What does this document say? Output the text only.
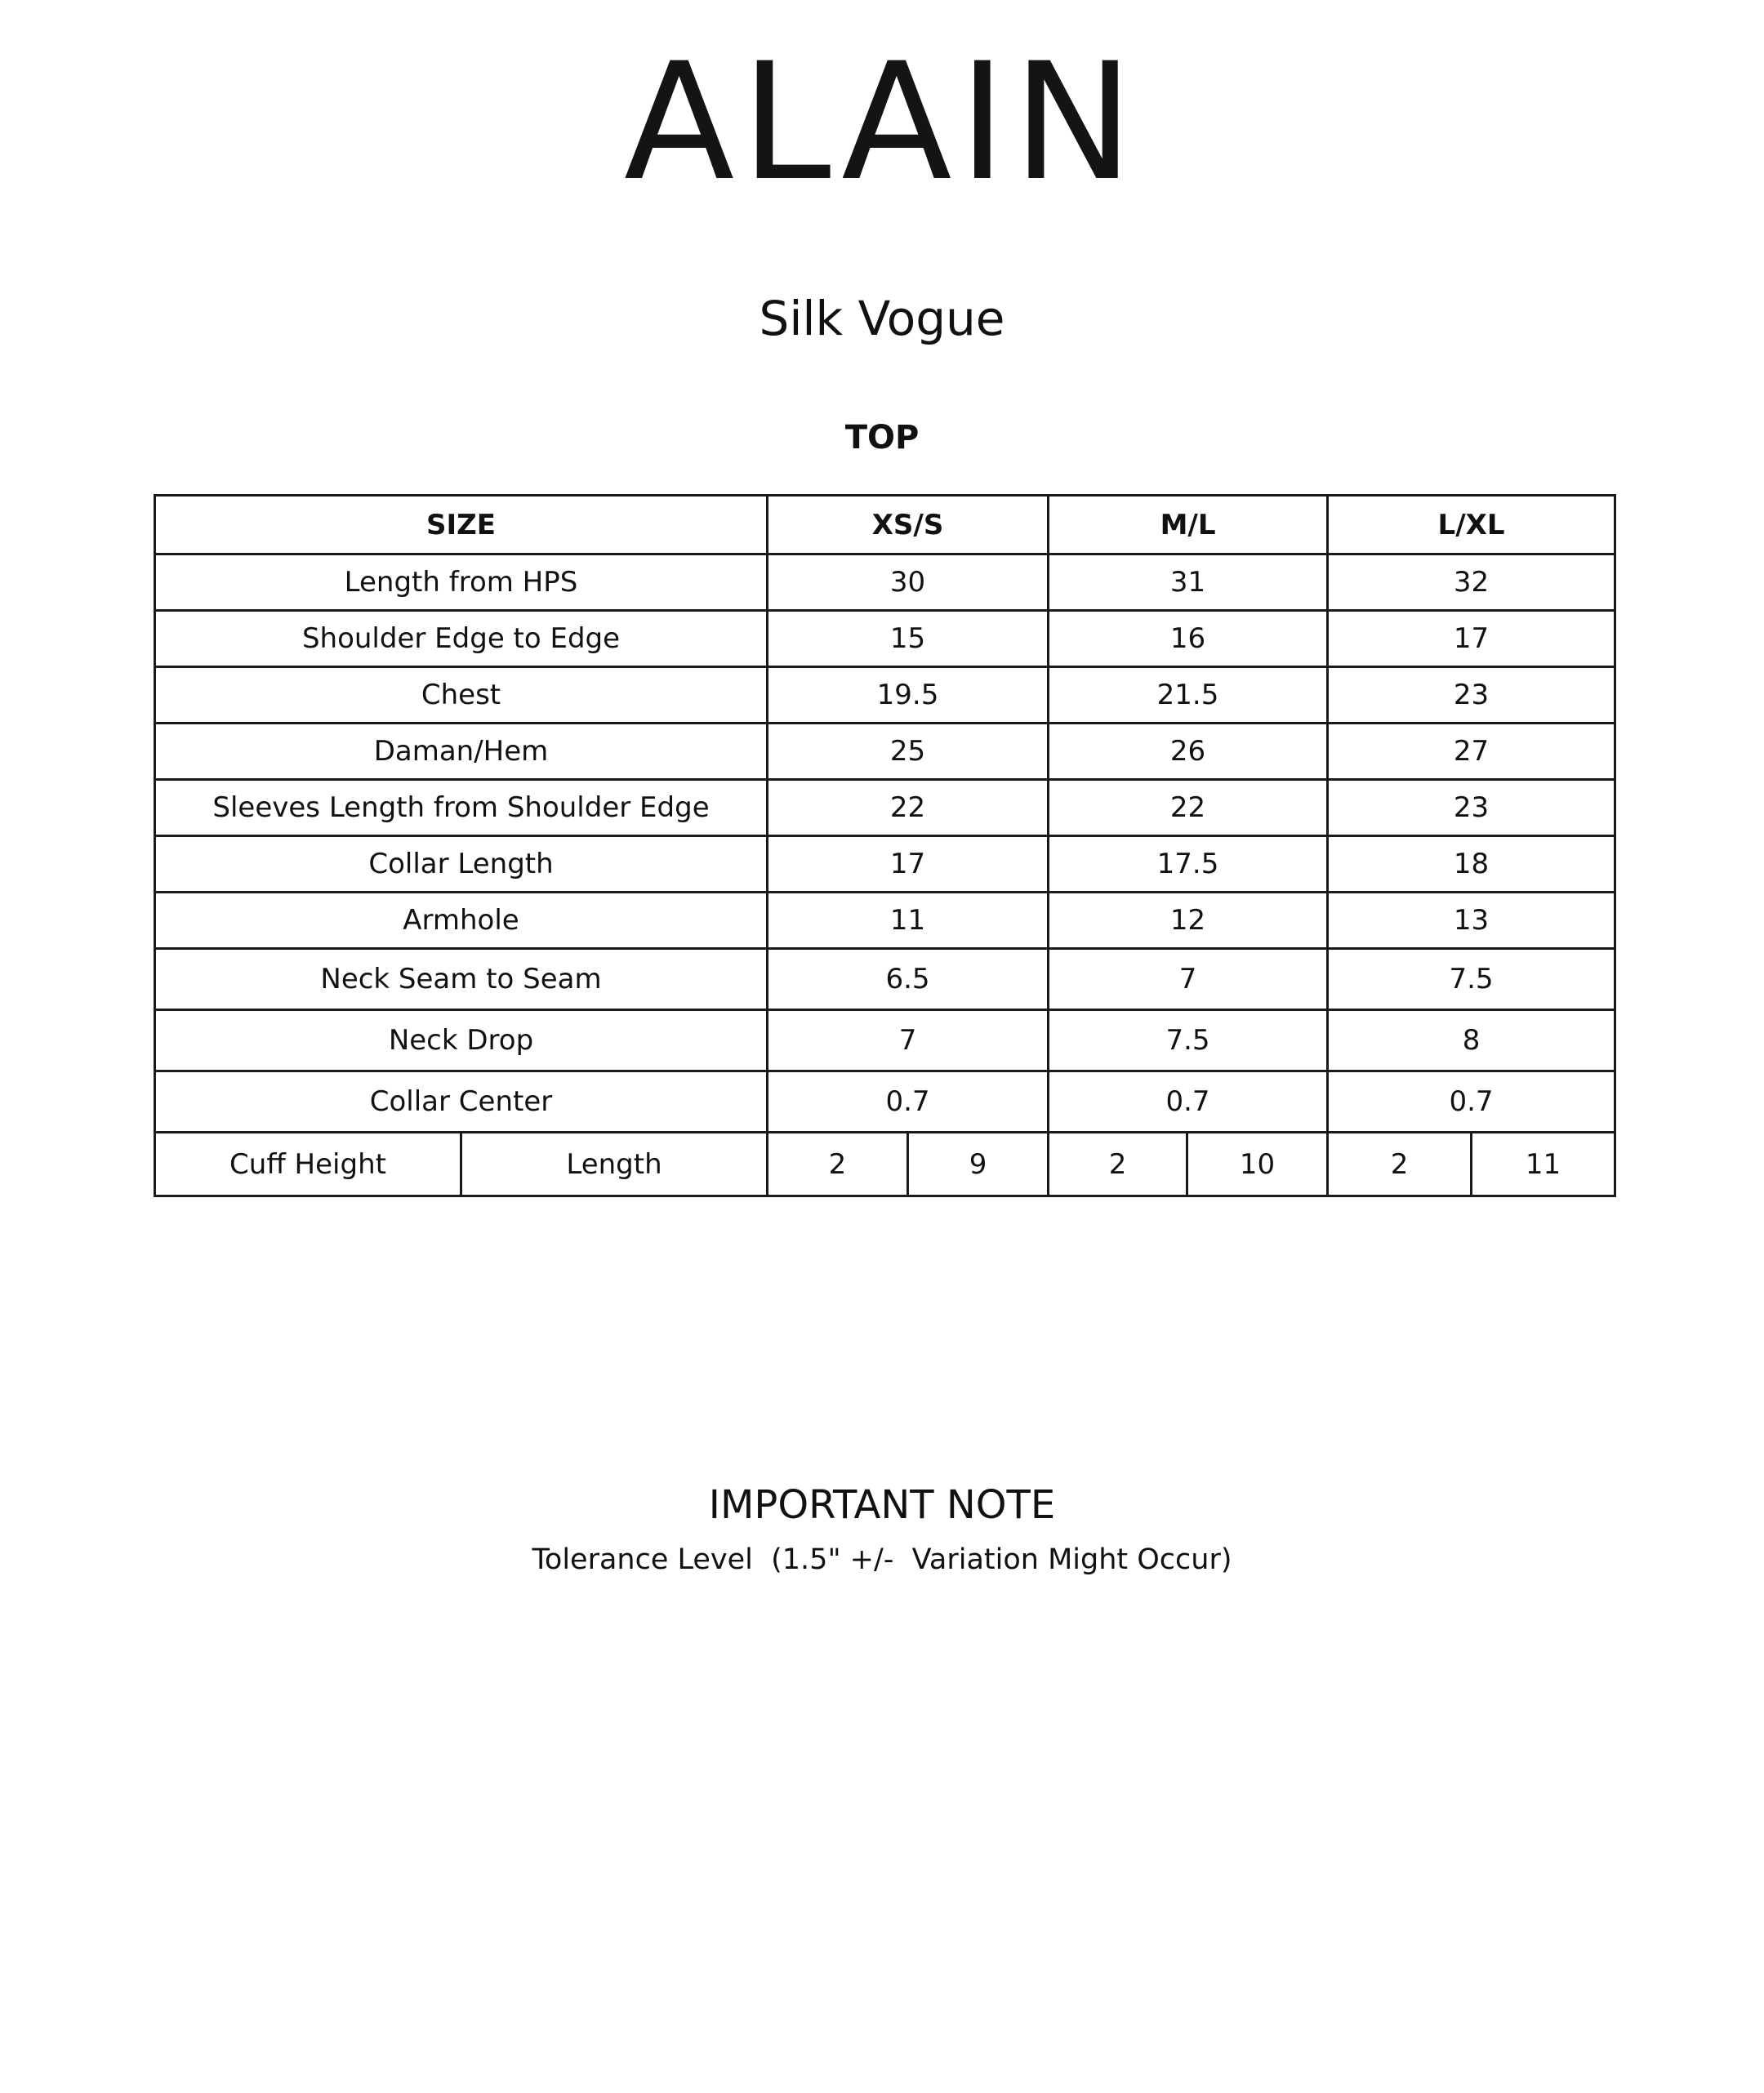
ALAIN
Silk Vogue
TOP
SIZE		XS/S		M/L		L/XL	
Length from HPS		30		31		32	
Shoulder Edge to Edge		15		16		17	
Chest		19.5		21.5		23	
Daman/Hem		25		26		27	
Sleeves Length from Shoulder Edge		22		22		23	
Collar Length		17		17.5		18	
Armhole		11		12		13	
Neck Seam to Seam		6.5		7		7.5	
Neck Drop		7		7.5		8	
Collar Center		0.7		0.7		0.7	
Cuff Height	Length	2	9	2	10	2	11
IMPORTANT NOTE
Tolerance Level  (1.5" +/-  Variation Might Occur)
